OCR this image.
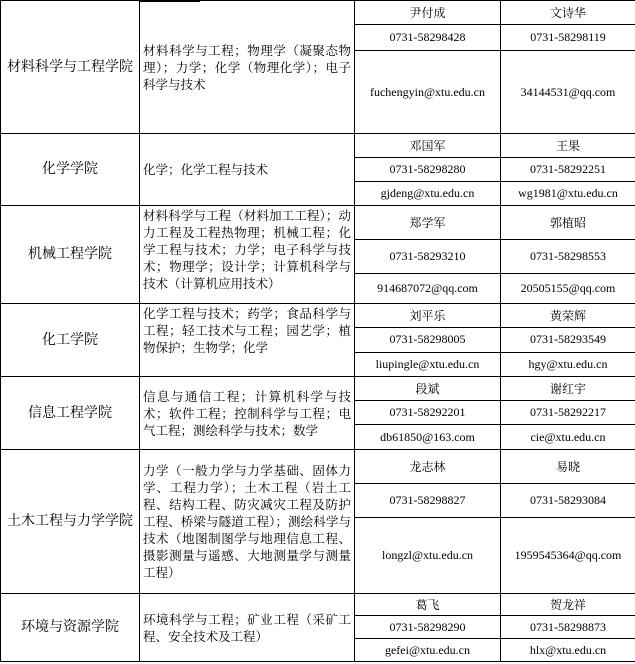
材料科学与工程学院	材料科学与工程；物理学（凝聚态物理）；力学；化学（物理化学）；电子科学与技术	尹付成	文诗华
		0731-58298428	0731-58298119
		fuchengyin@xtu.edu.cn	34144531@qq.com
化学学院	化学；化学工程与技术	邓国军	王果
		0731-58298280	0731-58292251
		gjdeng@xtu.edu.cn	wg1981@xtu.edu.cn
机械工程学院	材料科学与工程（材料加工工程）；动力工程及工程热物理；机械工程；化学工程与技术；力学；电子科学与技术；物理学；设计学；计算机科学与技术（计算机应用技术）	郑学军	郭植昭
		0731-58293210	0731-58298553
		914687072@qq.com	20505155@qq.com
化工学院	化学工程与技术；药学；食品科学与工程；轻工技术与工程；园艺学；植物保护；生物学；化学	刘平乐	黄荣辉
		0731-58298005	0731-58293549
		liupingle@xtu.edu.cn	hgy@xtu.edu.cn
信息工程学院	信息与通信工程；计算机科学与技术；软件工程；控制科学与工程；电气工程；测绘科学与技术；数学	段斌	谢红宇
		0731-58292201	0731-58292217
		db61850@163.com	cie@xtu.edu.cn
土木工程与力学学院	力学（一般力学与力学基础、固体力学、工程力学）；土木工程（岩土工程、结构工程、防灾减灾工程及防护工程、桥梁与隧道工程）；测绘科学与技术（地图制图学与地理信息工程、摄影测量与遥感、大地测量学与测量工程）	龙志林	易晓
		0731-58298827	0731-58293084
		longzl@xtu.edu.cn	1959545364@qq.com
环境与资源学院	环境科学与工程；矿业工程（采矿工程、安全技术及工程）	葛飞	贺龙祥
		0731-58298290	0731-58298873
		gefei@xtu.edu.cn	hlx@xtu.edu.cn
